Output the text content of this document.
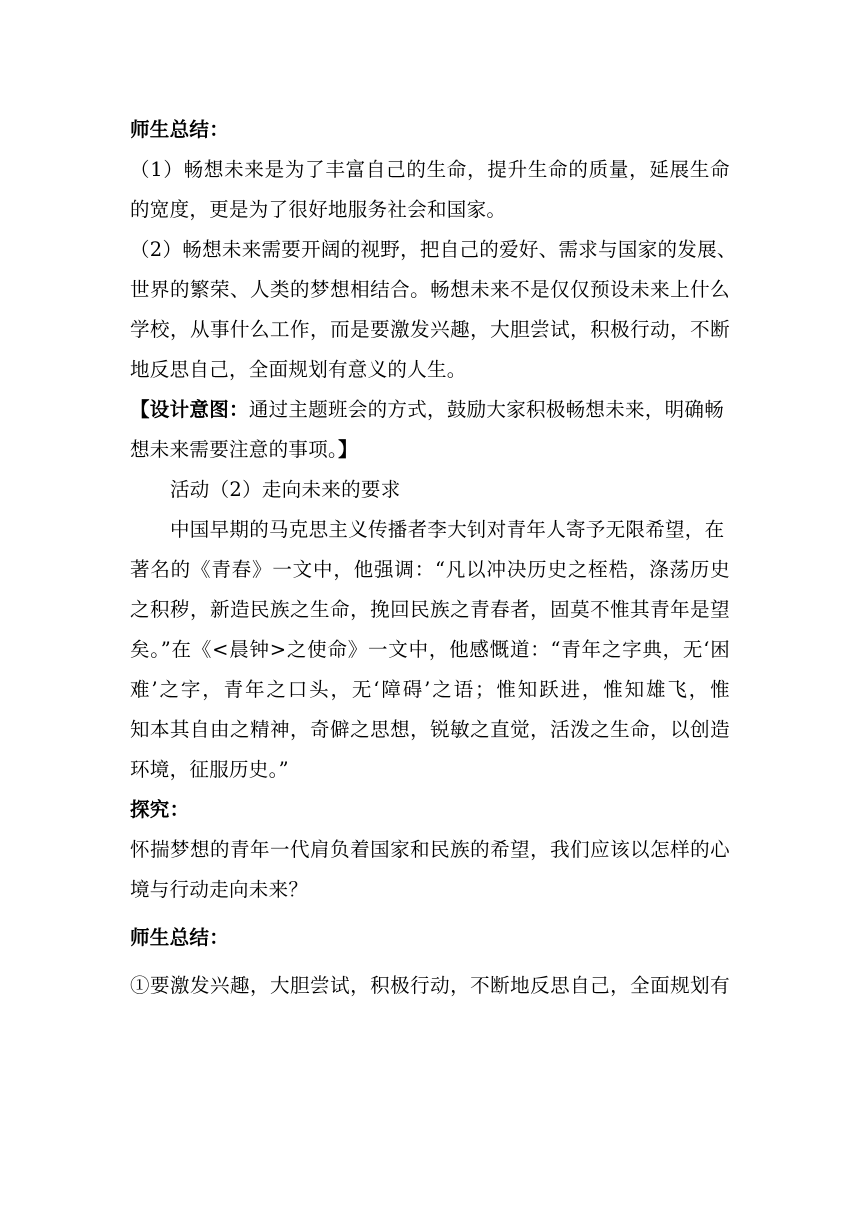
师生总结：

（1）畅想未来是为了丰富自己的生命，提升生命的质量，延展生命

的宽度，更是为了很好地服务社会和国家。

（2）畅想未来需要开阔的视野，把自己的爱好、需求与国家的发展、

世界的繁荣、人类的梦想相结合。畅想未来不是仅仅预设未来上什么

学校，从事什么工作，而是要激发兴趣，大胆尝试，积极行动，不断

地反思自己，全面规划有意义的人生。

【设计意图：通过主题班会的方式，鼓励大家积极畅想未来，明确畅

想未来需要注意的事项。】

活动（2）走向未来的要求

中国早期的马克思主义传播者李大钊对青年人寄予无限希望，在

著名的《青春》一文中，他强调：“凡以冲决历史之桎梏，涤荡历史

之积秽，新造民族之生命，挽回民族之青春者，固莫不惟其青年是望

矣。”在《<晨钟>之使命》一文中，他感慨道：“青年之字典，无‘困

难’之字，青年之口头，无‘障碍’之语；惟知跃进，惟知雄飞，惟

知本其自由之精神，奇僻之思想，锐敏之直觉，活泼之生命，以创造

环境，征服历史。”

探究：

怀揣梦想的青年一代肩负着国家和民族的希望，我们应该以怎样的心

境与行动走向未来？

师生总结：

①要激发兴趣，大胆尝试，积极行动，不断地反思自己，全面规划有
